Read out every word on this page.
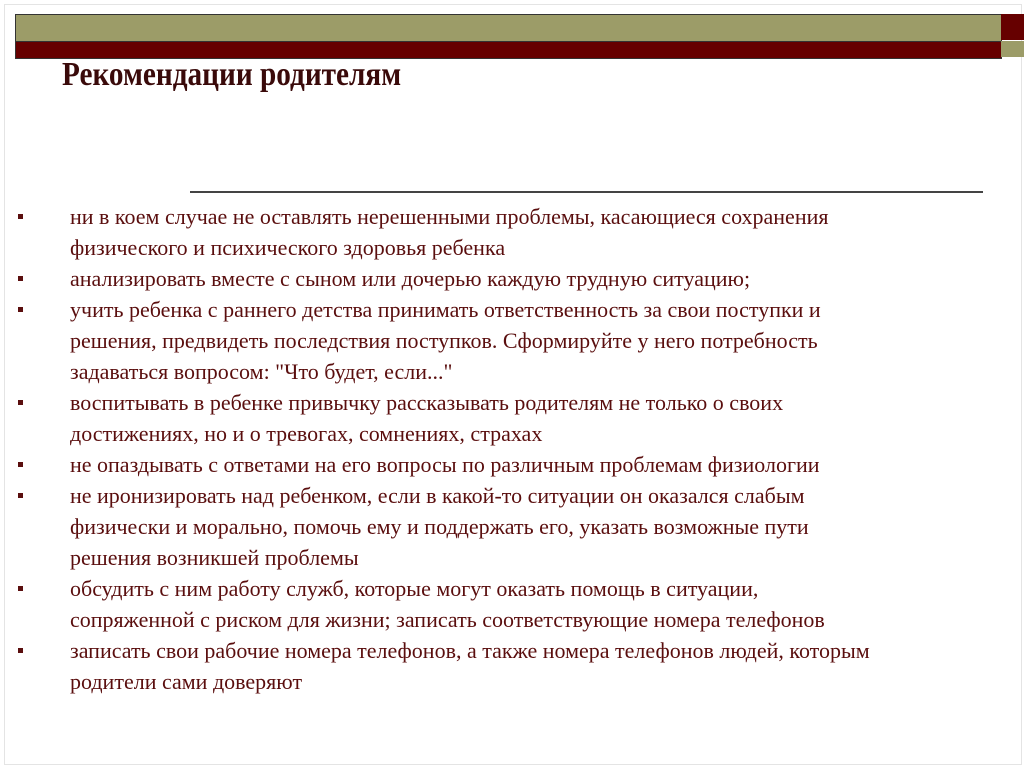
Рекомендации родителям
ни в коем случае не оставлять нерешенными проблемы, касающиеся сохранения
физического и психического здоровья ребенка
анализировать вместе с сыном или дочерью каждую трудную ситуацию;
учить ребенка с раннего детства принимать ответственность за свои поступки и
решения, предвидеть последствия поступков. Сформируйте у него потребность
задаваться вопросом: "Что будет, если..."
воспитывать в ребенке привычку рассказывать родителям не только о своих
достижениях, но и о тревогах, сомнениях, страхах
не опаздывать с ответами на его вопросы по различным проблемам физиологии
не иронизировать над ребенком, если в какой-то ситуации он оказался слабым
физически и морально, помочь ему и поддержать его, указать возможные пути
решения возникшей проблемы
обсудить с ним работу служб, которые могут оказать помощь в ситуации,
сопряженной с риском для жизни; записать соответствующие номера телефонов
записать свои рабочие номера телефонов, а также номера телефонов людей, которым
родители сами доверяют
